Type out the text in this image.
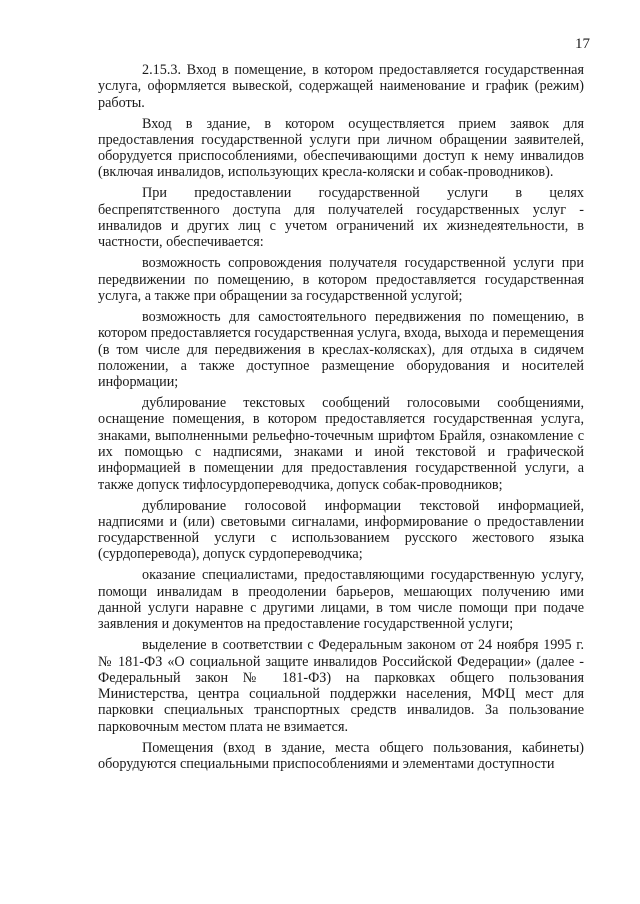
17

2.15.3. Вход в помещение, в котором предоставляется государственная услуга, оформляется вывеской, содержащей наименование и график (режим) работы.

Вход в здание, в котором осуществляется прием заявок для предоставления государственной услуги при личном обращении заявителей, оборудуется приспособлениями, обеспечивающими доступ к нему инвалидов (включая инвалидов, использующих кресла-коляски и собак-проводников).

При предоставлении государственной услуги в целях беспрепятственного доступа для получателей государственных услуг - инвалидов и других лиц с учетом ограничений их жизнедеятельности, в частности, обеспечивается:

возможность сопровождения получателя государственной услуги при передвижении по помещению, в котором предоставляется государственная услуга, а также при обращении за государственной услугой;

возможность для самостоятельного передвижения по помещению, в котором предоставляется государственная услуга, входа, выхода и перемещения (в том числе для передвижения в креслах-колясках), для отдыха в сидячем положении, а также доступное размещение оборудования и носителей информации;

дублирование текстовых сообщений голосовыми сообщениями, оснащение помещения, в котором предоставляется государственная услуга, знаками, выполненными рельефно-точечным шрифтом Брайля, ознакомление с их помощью с надписями, знаками и иной текстовой и графической информацией в помещении для предоставления государственной услуги, а также допуск тифлосурдопереводчика, допуск собак-проводников;

дублирование голосовой информации текстовой информацией, надписями и (или) световыми сигналами, информирование о предоставлении государственной услуги с использованием русского жестового языка (сурдоперевода), допуск сурдопереводчика;

оказание специалистами, предоставляющими государственную услугу, помощи инвалидам в преодолении барьеров, мешающих получению ими данной услуги наравне с другими лицами, в том числе помощи при подаче заявления и документов на предоставление государственной услуги;

выделение в соответствии с Федеральным законом от 24 ноября 1995 г. № 181-ФЗ «О социальной защите инвалидов Российской Федерации» (далее - Федеральный закон № 181-ФЗ) на парковках общего пользования Министерства, центра социальной поддержки населения, МФЦ мест для парковки специальных транспортных средств инвалидов. За пользование парковочным местом плата не взимается.

Помещения (вход в здание, места общего пользования, кабинеты) оборудуются специальными приспособлениями и элементами доступности
